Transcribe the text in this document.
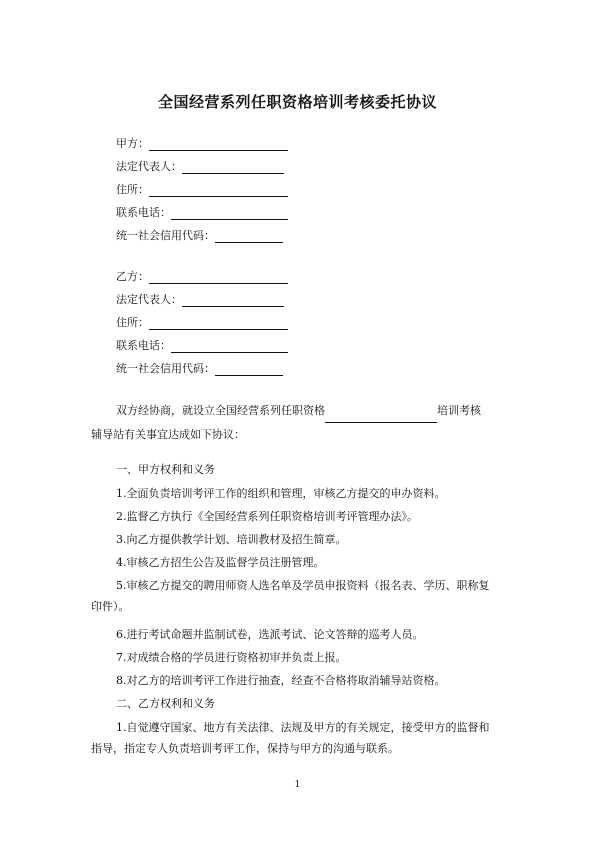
全国经营系列任职资格培训考核委托协议
甲方：
法定代表人：
住所：
联系电话：
统一社会信用代码：
乙方：
法定代表人：
住所：
联系电话：
统一社会信用代码：
双方经协商，就设立全国经营系列任职资格	培训考核辅导站有关事宜达成如下协议：
一、甲方权利和义务
1.全面负责培训考评工作的组织和管理，审核乙方提交的申办资料。
2.监督乙方执行《全国经营系列任职资格培训考评管理办法》。
3.向乙方提供教学计划、培训教材及招生简章。
4.审核乙方招生公告及监督学员注册管理。
5.审核乙方提交的聘用师资人选名单及学员申报资料（报名表、学历、职称复印件）。
6.进行考试命题并监制试卷，选派考试、论文答辩的巡考人员。
7.对成绩合格的学员进行资格初审并负责上报。
8.对乙方的培训考评工作进行抽查，经查不合格将取消辅导站资格。
二、乙方权利和义务
1.自觉遵守国家、地方有关法律、法规及甲方的有关规定，接受甲方的监督和指导，指定专人负责培训考评工作，保持与甲方的沟通与联系。
1
